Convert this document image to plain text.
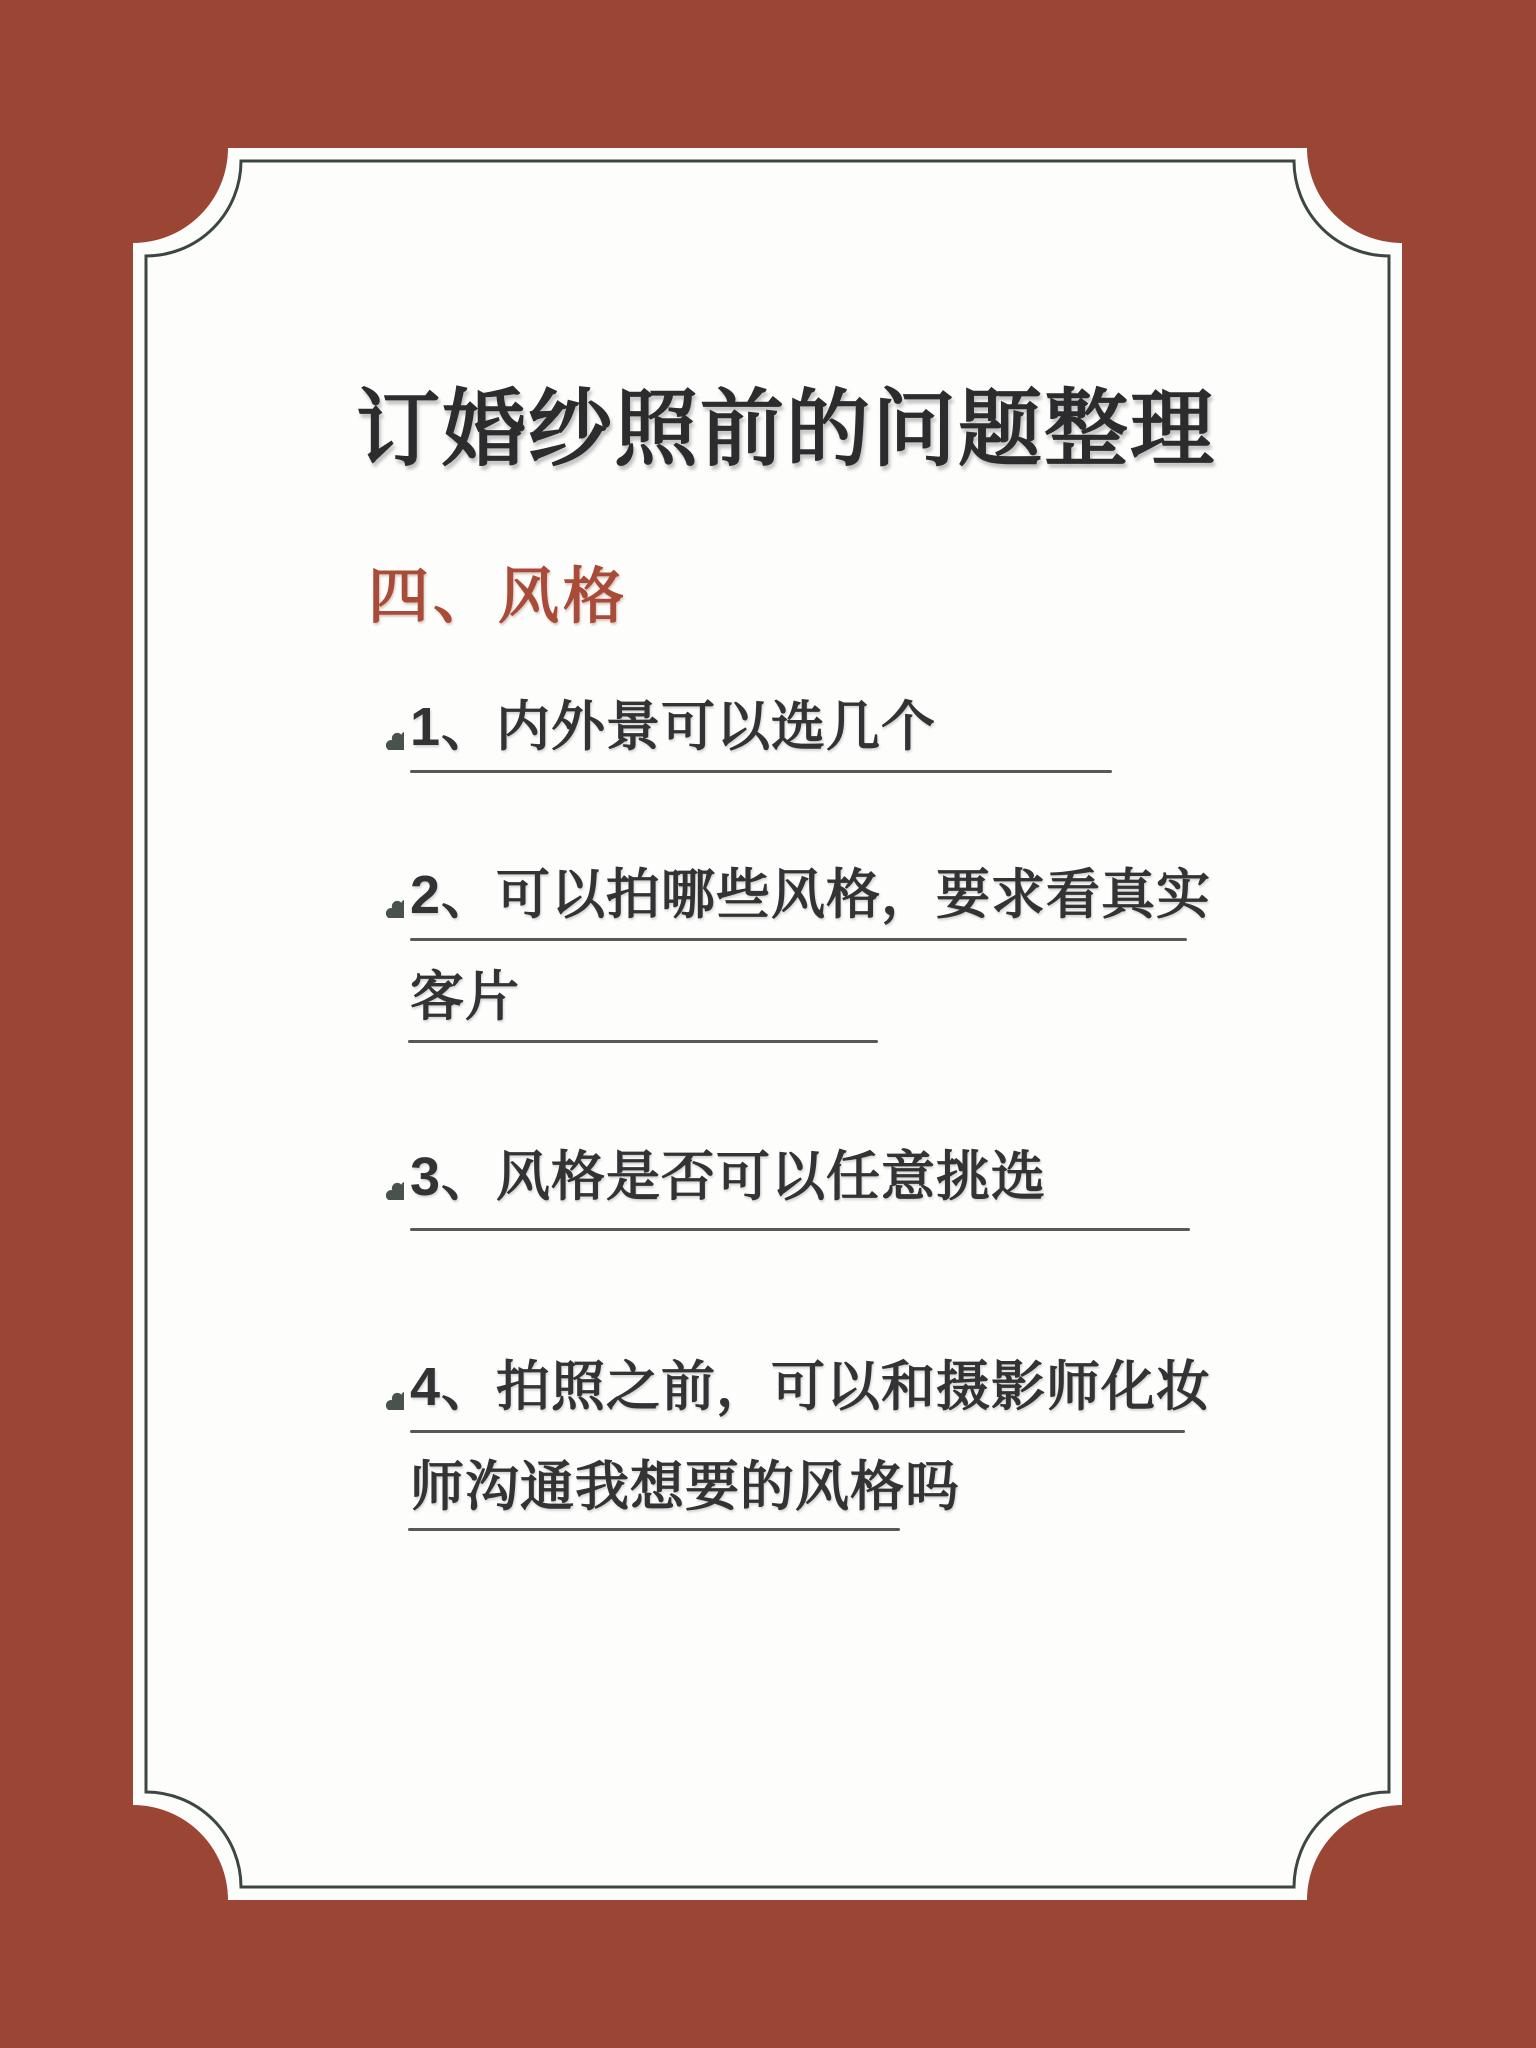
订婚纱照前的问题整理
四、风格
1、内外景可以选几个
2、可以拍哪些风格，要求看真实
客片
3、风格是否可以任意挑选
4、拍照之前，可以和摄影师化妆
师沟通我想要的风格吗
